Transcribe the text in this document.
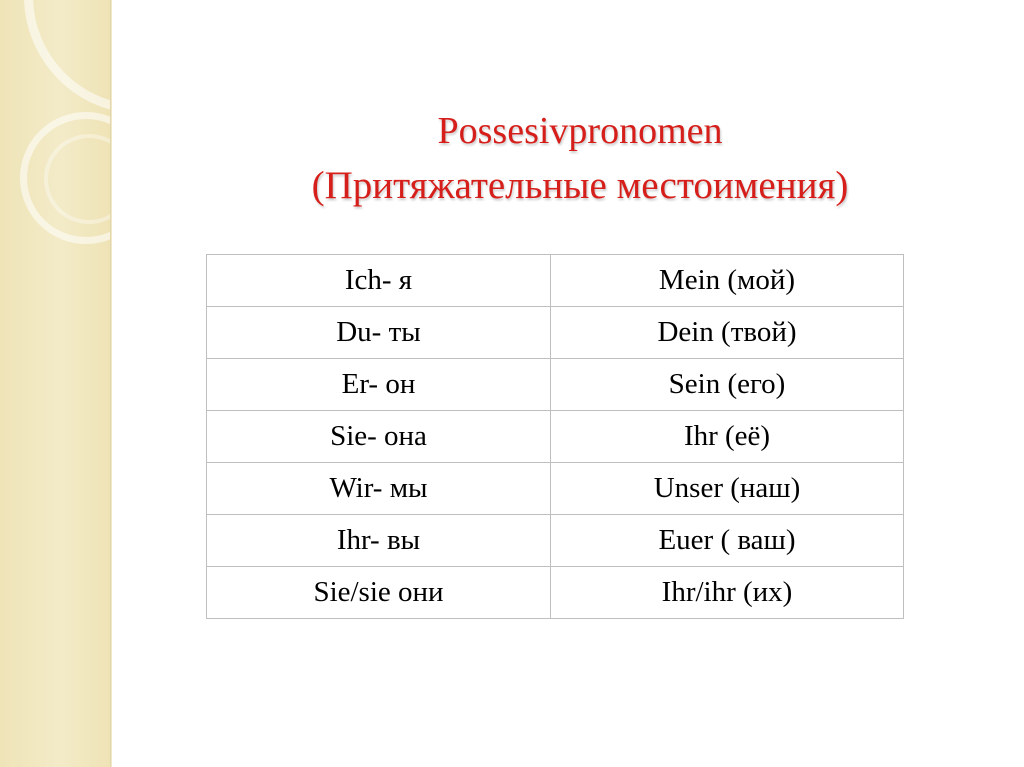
Possesivpronomen
(Притяжательные местоимения)
Ich- я	Mein (мой)
Du- ты	Dein (твой)
Er- он	Sein (его)
Sie- она	Ihr (её)
Wir- мы	Unser (наш)
Ihr- вы	Euer ( ваш)
Sie/sie они	Ihr/ihr (их)
